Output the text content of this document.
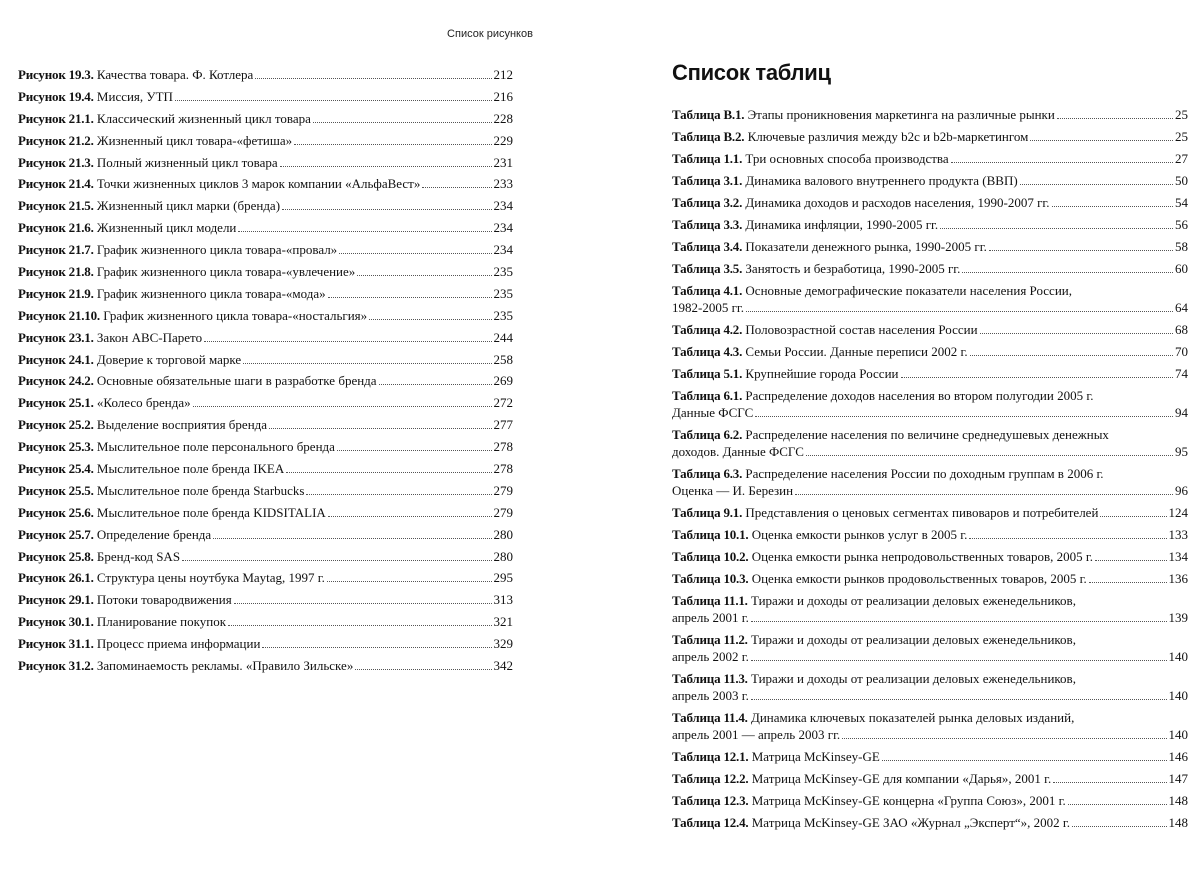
Список рисунков
Рисунок 19.3. Качества товара. Ф. Котлера	212
Рисунок 19.4. Миссия, УТП	216
Рисунок 21.1. Классический жизненный цикл товара	228
Рисунок 21.2. Жизненный цикл товара-«фетиша»	229
Рисунок 21.3. Полный жизненный цикл товара	231
Рисунок 21.4. Точки жизненных циклов 3 марок компании «АльфаВест»	233
Рисунок 21.5. Жизненный цикл марки (бренда)	234
Рисунок 21.6. Жизненный цикл модели	234
Рисунок 21.7. График жизненного цикла товара-«провал»	234
Рисунок 21.8. График жизненного цикла товара-«увлечение»	235
Рисунок 21.9. График жизненного цикла товара-«мода»	235
Рисунок 21.10. График жизненного цикла товара-«ностальгия»	235
Рисунок 23.1. Закон АВС-Парето	244
Рисунок 24.1. Доверие к торговой марке	258
Рисунок 24.2. Основные обязательные шаги в разработке бренда	269
Рисунок 25.1. «Колесо бренда»	272
Рисунок 25.2. Выделение восприятия бренда	277
Рисунок 25.3. Мыслительное поле персонального бренда	278
Рисунок 25.4. Мыслительное поле бренда IKEA	278
Рисунок 25.5. Мыслительное поле бренда Starbucks	279
Рисунок 25.6. Мыслительное поле бренда KIDSITALIA	279
Рисунок 25.7. Определение бренда	280
Рисунок 25.8. Бренд-код SAS	280
Рисунок 26.1. Структура цены ноутбука Maytag, 1997 г.	295
Рисунок 29.1. Потоки товародвижения	313
Рисунок 30.1. Планирование покупок	321
Рисунок 31.1. Процесс приема информации	329
Рисунок 31.2. Запоминаемость рекламы. «Правило Зильске»	342
Список таблиц
Таблица В.1. Этапы проникновения маркетинга на различные рынки	25
Таблица В.2. Ключевые различия между b2c и b2b-маркетингом	25
Таблица 1.1. Три основных способа производства	27
Таблица 3.1. Динамика валового внутреннего продукта (ВВП)	50
Таблица 3.2. Динамика доходов и расходов населения, 1990-2007 гг.	54
Таблица 3.3. Динамика инфляции, 1990-2005 гг.	56
Таблица 3.4. Показатели денежного рынка, 1990-2005 гг.	58
Таблица 3.5. Занятость и безработица, 1990-2005 гг.	60
Таблица 4.1. Основные демографические показатели населения России,
1982-2005 гг.	64
Таблица 4.2. Половозрастной состав населения России	68
Таблица 4.3. Семьи России. Данные переписи 2002 г.	70
Таблица 5.1. Крупнейшие города России	74
Таблица 6.1. Распределение доходов населения во втором полугодии 2005 г.
Данные ФСГС	94
Таблица 6.2. Распределение населения по величине среднедушевых денежных
доходов. Данные ФСГС	95
Таблица 6.3. Распределение населения России по доходным группам в 2006 г.
Оценка — И. Березин	96
Таблица 9.1. Представления о ценовых сегментах пивоваров и потребителей	124
Таблица 10.1. Оценка емкости рынков услуг в 2005 г.	133
Таблица 10.2. Оценка емкости рынка непродовольственных товаров, 2005 г.	134
Таблица 10.3. Оценка емкости рынков продовольственных товаров, 2005 г.	136
Таблица 11.1. Тиражи и доходы от реализации деловых еженедельников,
апрель 2001 г.	139
Таблица 11.2. Тиражи и доходы от реализации деловых еженедельников,
апрель 2002 г.	140
Таблица 11.3. Тиражи и доходы от реализации деловых еженедельников,
апрель 2003 г.	140
Таблица 11.4. Динамика ключевых показателей рынка деловых изданий,
апрель 2001 — апрель 2003 гг.	140
Таблица 12.1. Матрица McKinsey-GE	146
Таблица 12.2. Матрица McKinsey-GE для компании «Дарья», 2001 г.	147
Таблица 12.3. Матрица McKinsey-GE концерна «Группа Союз», 2001 г.	148
Таблица 12.4. Матрица McKinsey-GE ЗАО «Журнал „Эксперт“», 2002 г.	148
